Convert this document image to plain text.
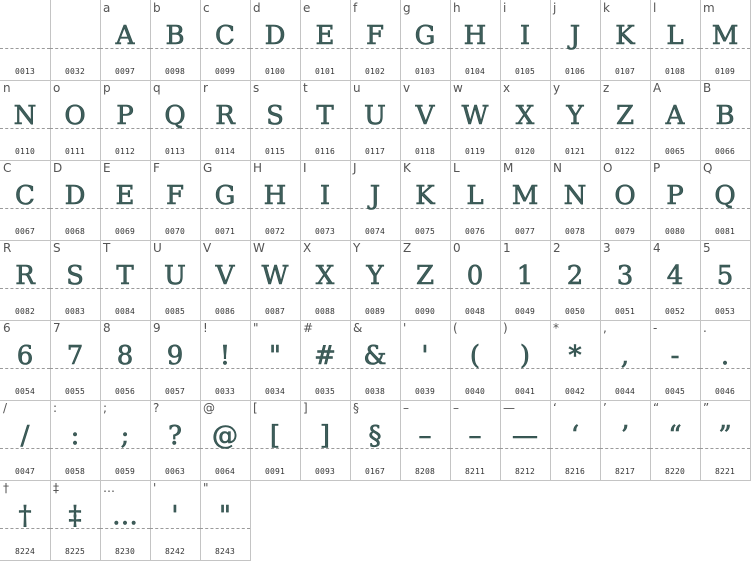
0013	0032
a
A
0097
b
B
0098
c
C
0099
d
D
0100
e
E
0101
f
F
0102
g
G
0103
h
H
0104
i
I
0105
j
J
0106
k
K
0107
l
L
0108
m
M
0109
n
N
0110
o
O
0111
p
P
0112
q
Q
0113
r
R
0114
s
S
0115
t
T
0116
u
U
0117
v
V
0118
w
W
0119
x
X
0120
y
Y
0121
z
Z
0122
A
A
0065
B
B
0066
C
C
0067
D
D
0068
E
E
0069
F
F
0070
G
G
0071
H
H
0072
I
I
0073
J
J
0074
K
K
0075
L
L
0076
M
M
0077
N
N
0078
O
O
0079
P
P
0080
Q
Q
0081
R
R
0082
S
S
0083
T
T
0084
U
U
0085
V
V
0086
W
W
0087
X
X
0088
Y
Y
0089
Z
Z
0090
0
0
0048
1
1
0049
2
2
0050
3
3
0051
4
4
0052
5
5
0053
6
6
0054
7
7
0055
8
8
0056
9
9
0057
!
!
0033
"
"
0034
#
#
0035
&
&
0038
'
'
0039
(
(
0040
)
)
0041
*
*
0042
,
,
0044
-
-
0045
.
.
0046
/
/
0047
:
:
0058
;
;
0059
?
?
0063
@
@
0064
[
[
0091
]
]
0093
§
§
0167
–
–
8208
–
–
8211
—
—
8212
‘
‘
8216
’
’
8217
“
“
8220
”
”
8221
†
†
8224
‡
‡
8225
…
…
8230
'
'
8242
"
"
8243
